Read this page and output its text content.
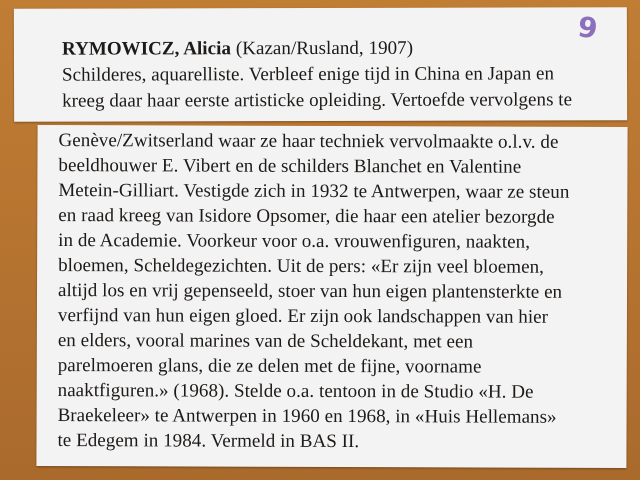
9
RYMOWICZ, Alicia (Kazan/Rusland, 1907)
Schilderes, aquarelliste. Verbleef enige tijd in China en Japan en
kreeg daar haar eerste artisticke opleiding. Vertoefde vervolgens te
Genève/Zwitserland waar ze haar techniek vervolmaakte o.l.v. de
beeldhouwer E. Vibert en de schilders Blanchet en Valentine
Metein-Gilliart. Vestigde zich in 1932 te Antwerpen, waar ze steun
en raad kreeg van Isidore Opsomer, die haar een atelier bezorgde
in de Academie. Voorkeur voor o.a. vrouwenfiguren, naakten,
bloemen, Scheldegezichten. Uit de pers: «Er zijn veel bloemen,
altijd los en vrij gepenseeld, stoer van hun eigen plantensterkte en
verfijnd van hun eigen gloed. Er zijn ook landschappen van hier
en elders, vooral marines van de Scheldekant, met een
parelmoeren glans, die ze delen met de fijne, voorname
naaktfiguren.» (1968). Stelde o.a. tentoon in de Studio «H. De
Braekeleer» te Antwerpen in 1960 en 1968, in «Huis Hellemans»
te Edegem in 1984. Vermeld in BAS II.
